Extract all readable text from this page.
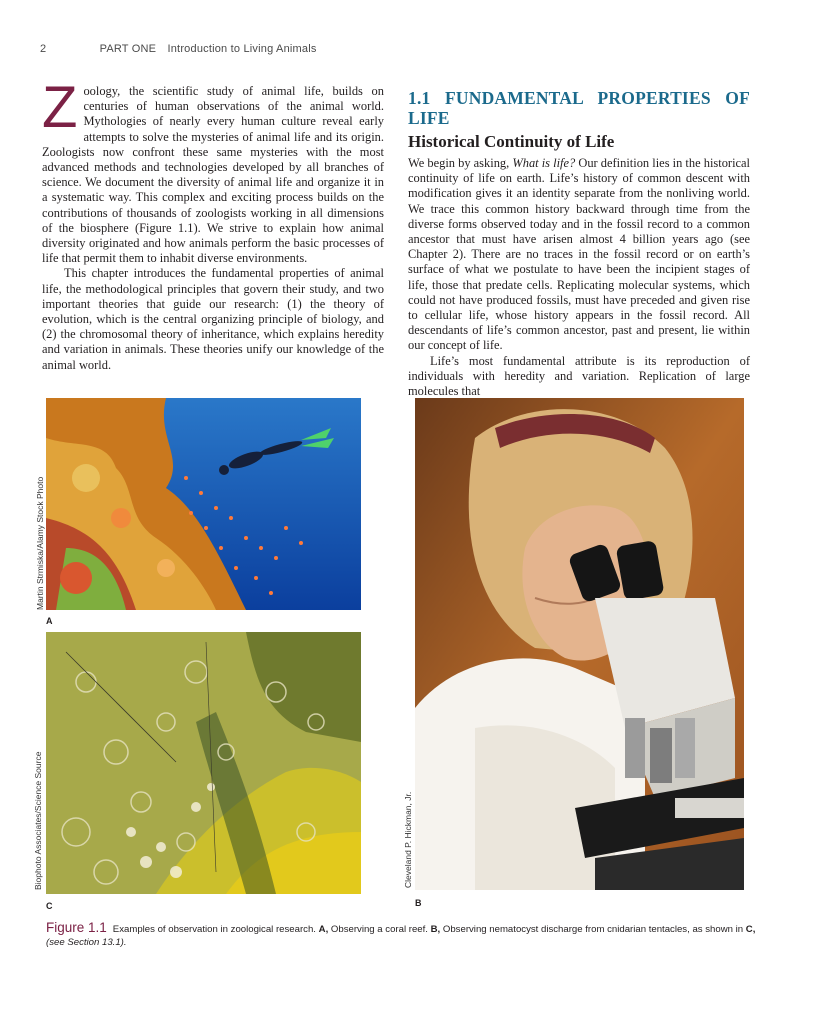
2	PART ONE Introduction to Living Animals

Zoology, the scientific study of animal life, builds on centuries of human observations of the animal world. Mythologies of nearly every human culture reveal early attempts to solve the mysteries of animal life and its origin. Zoologists now confront these same mysteries with the most advanced methods and technologies developed by all branches of science. We document the diversity of animal life and organize it in a systematic way. This complex and exciting process builds on the contributions of thousands of zoologists working in all dimensions of the biosphere (Figure 1.1). We strive to explain how animal diversity originated and how animals perform the basic processes of life that permit them to inhabit diverse environments.

This chapter introduces the fundamental properties of animal life, the methodological principles that govern their study, and two important theories that guide our research: (1) the theory of evolution, which is the central organizing principle of biology, and (2) the chromosomal theory of inheritance, which explains heredity and variation in animals. These theories unify our knowledge of the animal world.

1.1 FUNDAMENTAL PROPERTIES OF LIFE
Historical Continuity of Life

We begin by asking, What is life? Our definition lies in the historical continuity of life on earth. Life’s history of common descent with modification gives it an identity separate from the nonliving world. We trace this common history backward through time from the diverse forms observed today and in the fossil record to a common ancestor that must have arisen almost 4 billion years ago (see Chapter 2). There are no traces in the fossil record or on earth’s surface of what we postulate to have been the incipient stages of life, those that predate cells. Replicating molecular systems, which could not have produced fossils, must have preceded and given rise to cellular life, whose history appears in the fossil record. All descendants of life’s common ancestor, past and present, lie within our concept of life.

Life’s most fundamental attribute is its reproduction of individuals with heredity and variation. Replication of large molecules that

Martin Strmiska/Alamy Stock Photo
A
Biophoto Associates/Science Source
C
Cleveland P. Hickman, Jr.
B
Figure 1.1 Examples of observation in zoological research. A, Observing a coral reef. B, Observing nematocyst discharge from cnidarian tentacles, as shown in C, (see Section 13.1).
